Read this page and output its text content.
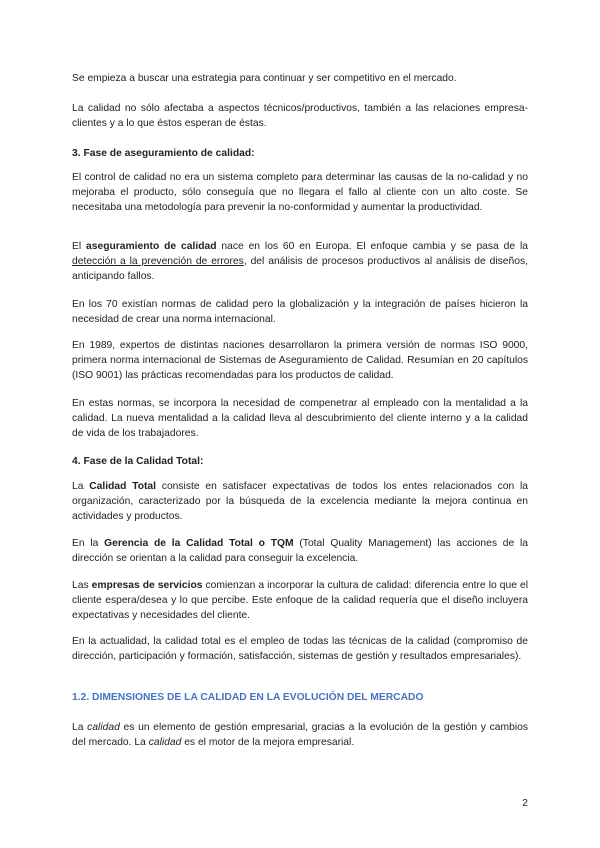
Se empieza a buscar una estrategia para continuar y ser competitivo en el mercado.

La calidad no sólo afectaba a aspectos técnicos/productivos, también a las relaciones empresa-clientes y a lo que éstos esperan de éstas.

3. Fase de aseguramiento de calidad:

El control de calidad no era un sistema completo para determinar las causas de la no-calidad y no mejoraba el producto, sólo conseguía que no llegara el fallo al cliente con un alto coste. Se necesitaba una metodología para prevenir la no-conformidad y aumentar la productividad.

El aseguramiento de calidad nace en los 60 en Europa. El enfoque cambia y se pasa de la detección a la prevención de errores, del análisis de procesos productivos al análisis de diseños, anticipando fallos.

En los 70 existían normas de calidad pero la globalización y la integración de países hicieron la necesidad de crear una norma internacional.

En 1989, expertos de distintas naciones desarrollaron la primera versión de normas ISO 9000, primera norma internacional de Sistemas de Aseguramiento de Calidad. Resumían en 20 capítulos (ISO 9001) las prácticas recomendadas para los productos de calidad.

En estas normas, se incorpora la necesidad de compenetrar al empleado con la mentalidad a la calidad. La nueva mentalidad a la calidad lleva al descubrimiento del cliente interno y a la calidad de vida de los trabajadores.

4. Fase de la Calidad Total:

La Calidad Total consiste en satisfacer expectativas de todos los entes relacionados con la organización, caracterizado por la búsqueda de la excelencia mediante la mejora continua en actividades y productos.

En la Gerencia de la Calidad Total o TQM (Total Quality Management) las acciones de la dirección se orientan a la calidad para conseguir la excelencia.

Las empresas de servicios comienzan a incorporar la cultura de calidad: diferencia entre lo que el cliente espera/desea y lo que percibe. Este enfoque de la calidad requería que el diseño incluyera expectativas y necesidades del cliente.

En la actualidad, la calidad total es el empleo de todas las técnicas de la calidad (compromiso de dirección, participación y formación, satisfacción, sistemas de gestión y resultados empresariales).

1.2. DIMENSIONES DE LA CALIDAD EN LA EVOLUCIÓN DEL MERCADO

La calidad es un elemento de gestión empresarial, gracias a la evolución de la gestión y cambios del mercado. La calidad es el motor de la mejora empresarial.

2
